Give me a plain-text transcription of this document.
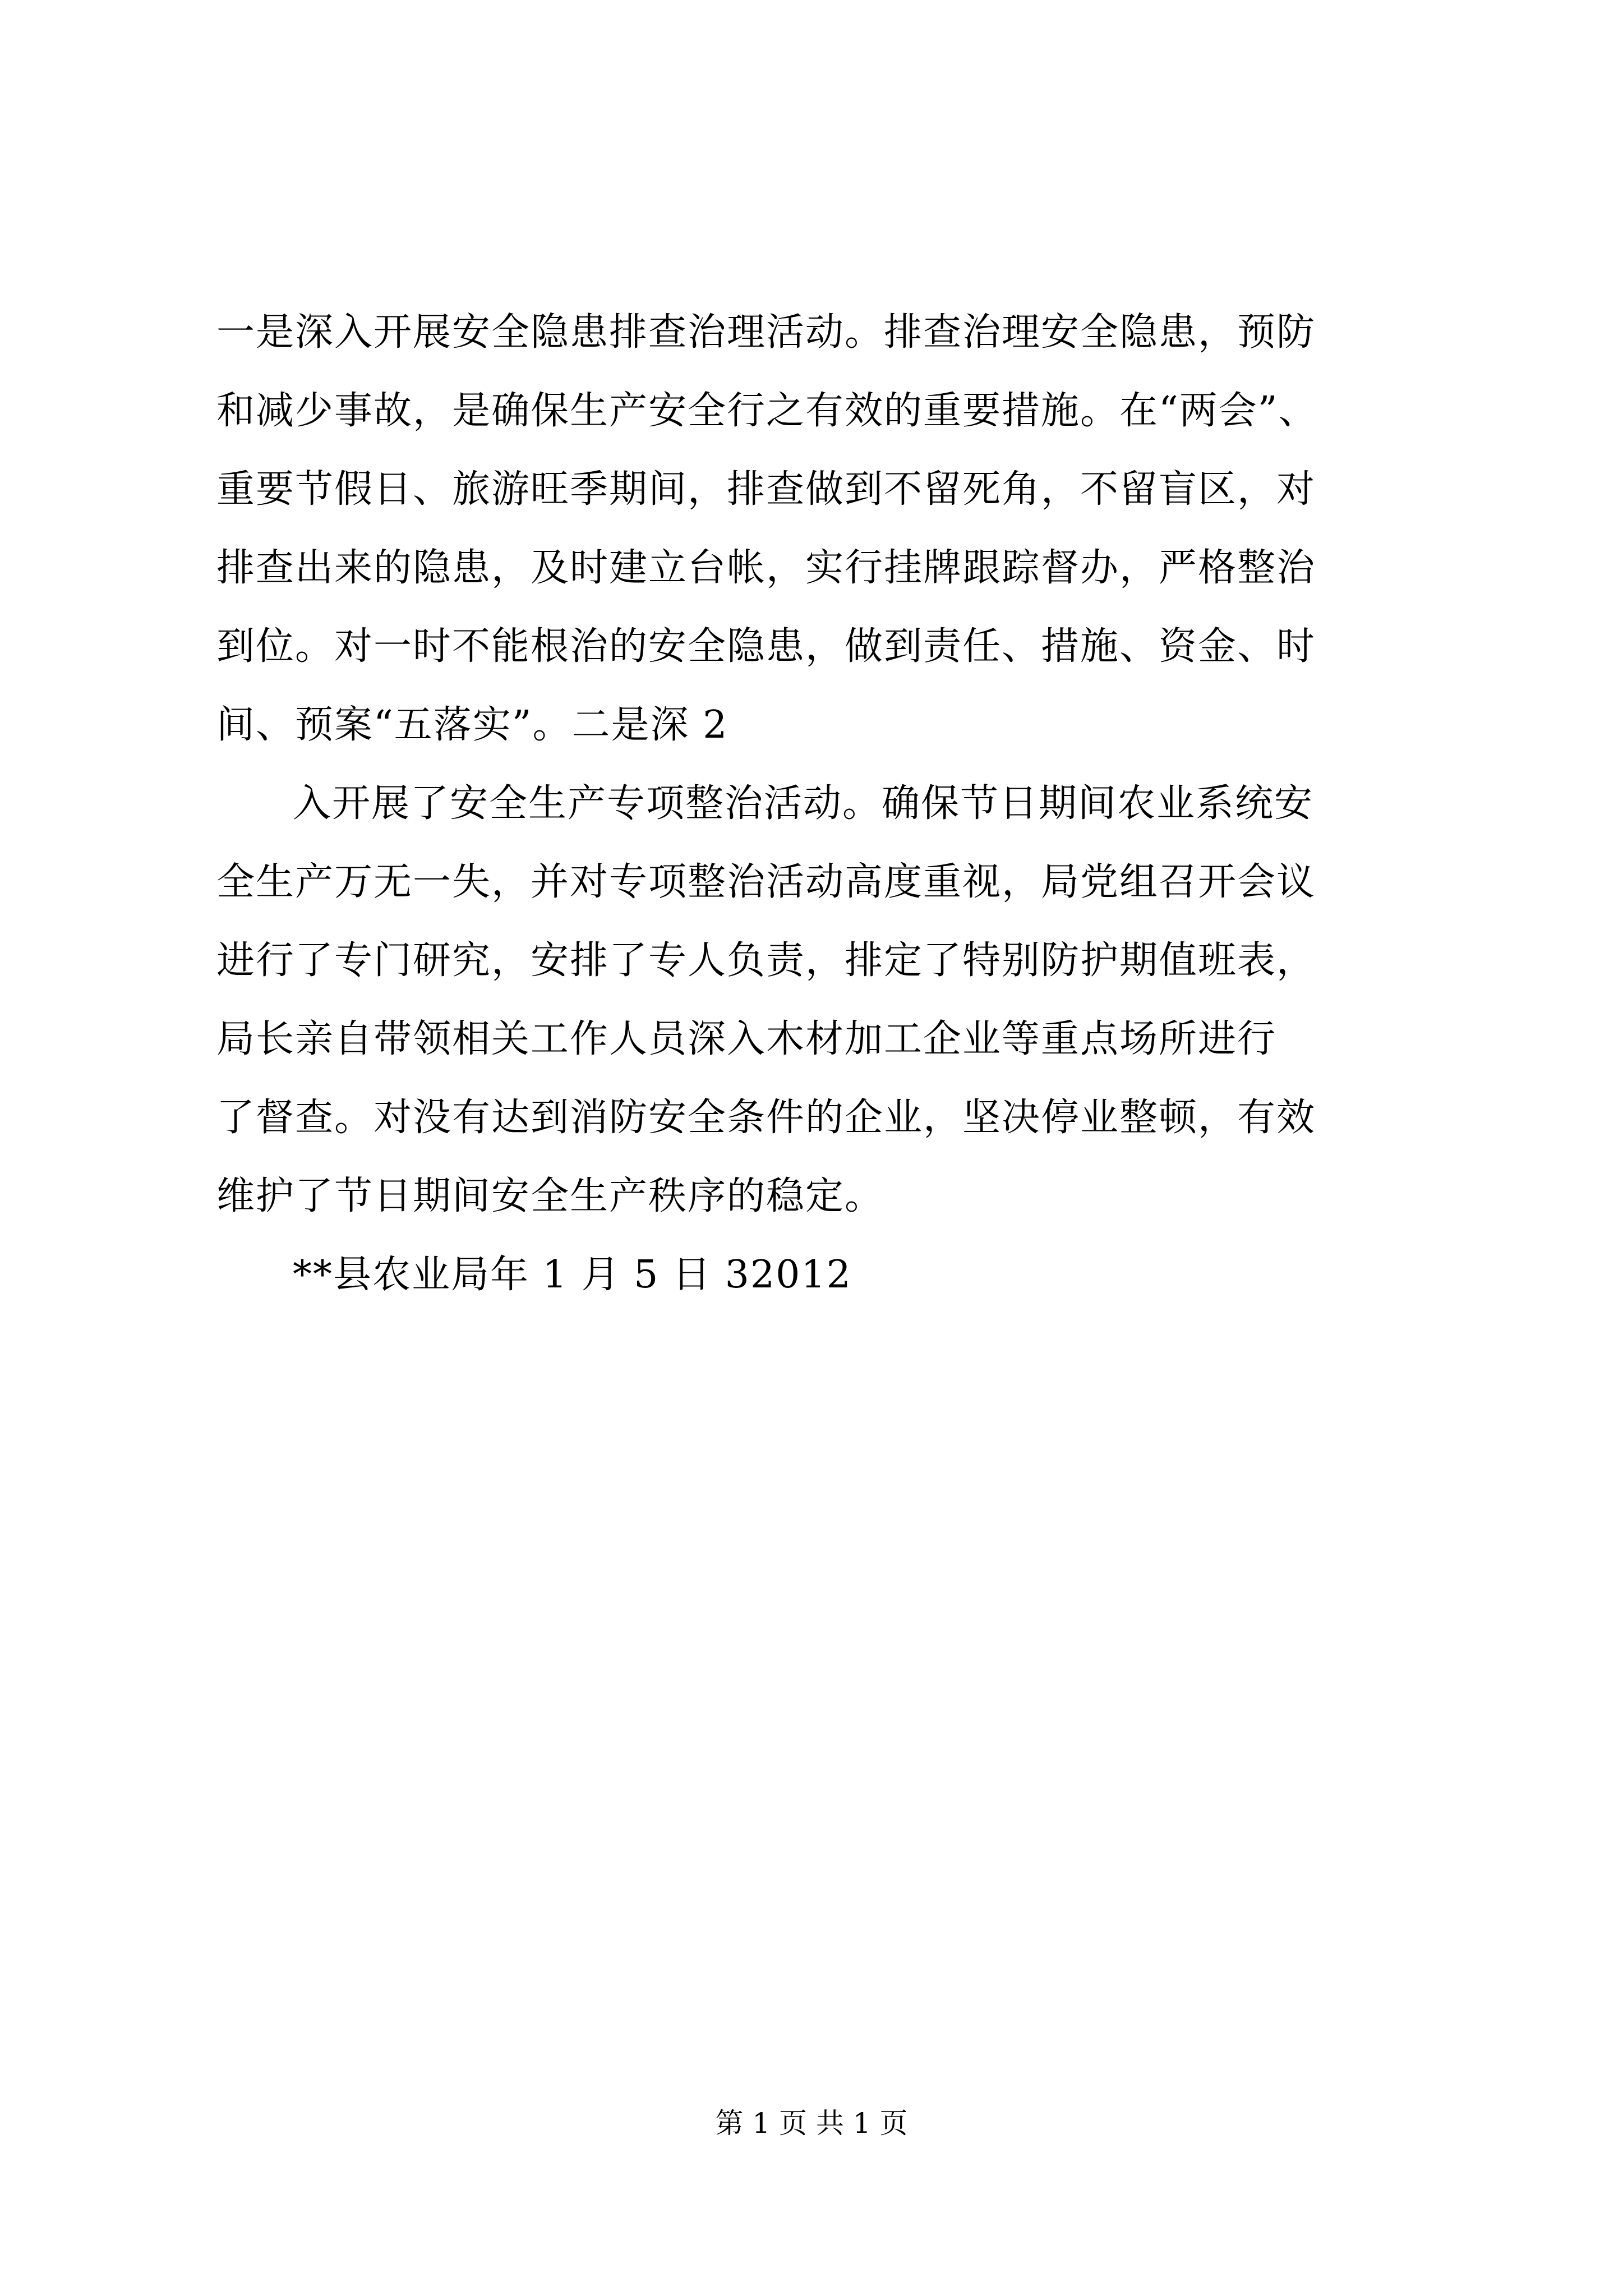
一是深入开展安全隐患排查治理活动。排查治理安全隐患，预防
和减少事故，是确保生产安全行之有效的重要措施。在“两会”、
重要节假日、旅游旺季期间，排查做到不留死角，不留盲区，对
排查出来的隐患，及时建立台帐，实行挂牌跟踪督办，严格整治
到位。对一时不能根治的安全隐患，做到责任、措施、资金、时
间、预案“五落实”。二是深 2
入开展了安全生产专项整治活动。确保节日期间农业系统安
全生产万无一失，并对专项整治活动高度重视，局党组召开会议
进行了专门研究，安排了专人负责，排定了特别防护期值班表，
局长亲自带领相关工作人员深入木材加工企业等重点场所进行
了督查。对没有达到消防安全条件的企业，坚决停业整顿，有效
维护了节日期间安全生产秩序的稳定。
**县农业局年 1 月 5 日 32012
第 1 页 共 1 页
